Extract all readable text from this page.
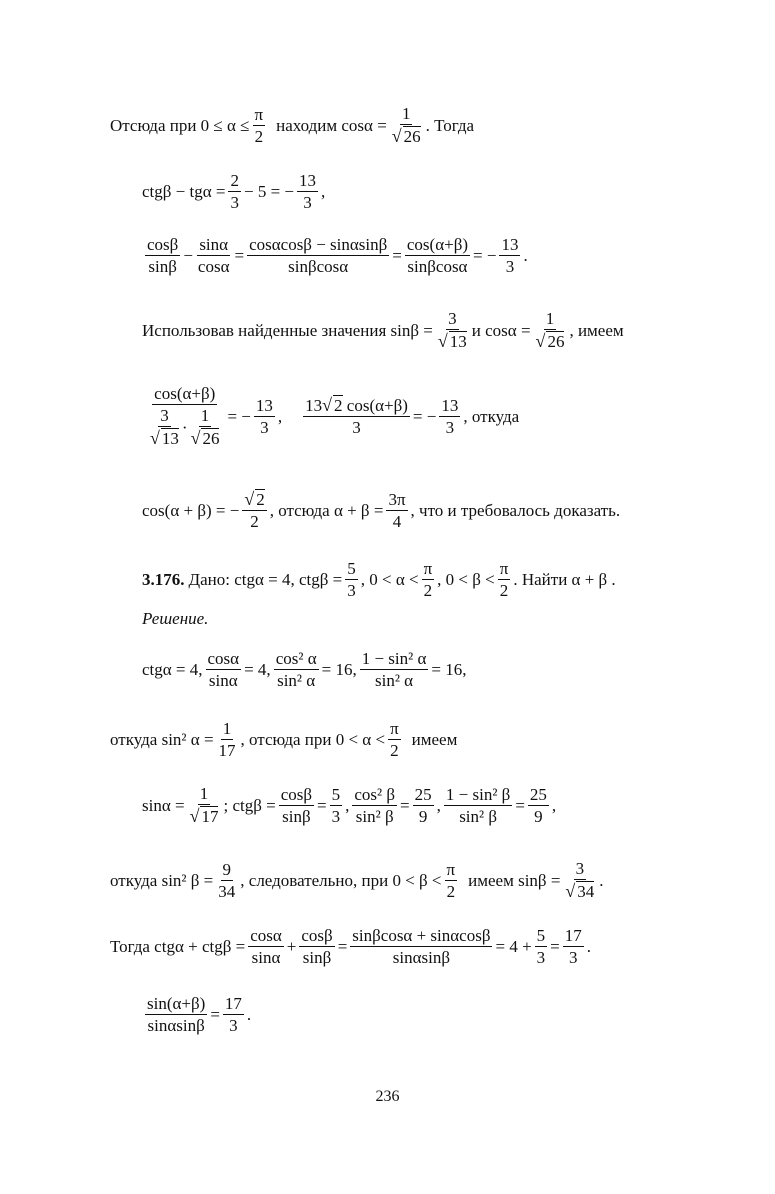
Отсюда при $0 \le \alpha \le \frac{\pi}{2}$ находим $\cos\alpha = \frac{1}{√ 26}$ . Тогда
$ctg\beta - tg\alpha = \frac{2}{3} - 5$ = − $\frac{13}{3}$ ,
$\frac{\cos\beta}{\sin\beta} - \frac{\sin\alpha}{\cos\alpha} = \frac{\cos\alpha\cos\beta - \sin\alpha\sin\beta}{\sin\beta\cos\alpha} = \frac{\cos(\alpha+\beta)}{\sin\beta\cos\alpha}$ = − $\frac{13}{3}$ .
Использовав найденные значения $\sin\beta = \frac{3}{√ 13}$ и $\cos\alpha = \frac{1}{√ 26}$ , имеем
$\frac{\cos(\alpha+\beta)}{\frac{3}{√ 13} \cdot \frac{1}{√ 26}}$ = − $\frac{13}{3}$ , $\frac{13√ 2 \cos(\alpha+\beta)}{3}$ = − $\frac{13}{3}$ , откуда
cos(α + β) = − $\frac{√ 2}{2}$ , отсюда $\alpha + \beta = \frac{3\pi}{4}$ , что и требовалось доказать.
3.176. Дано: ctgα = 4, $ctg\beta = \frac{5}{3}$ , $0 < \alpha < \frac{\pi}{2}$ , $0 < \beta < \frac{\pi}{2}$ . Найти α + β .
Решение.
ctgα = 4, $\frac{\cos\alpha}{\sin\alpha} = 4$, $\frac{\text{cos² α}}{\text{sin² α}} = 16$, $\frac{\text{1 − sin² α}}{\text{sin² α}} = 16$,
откуда sin² $\alpha = \frac{1}{17}$ , отсюда при $0 < \alpha < \frac{\pi}{2}$ имеем
$\sin\alpha = \frac{1}{√ 17}$ ; $ctg\beta = \frac{\cos\beta}{\sin\beta} = \frac{5}{3}$ , $\frac{\text{cos² β}}{\text{sin² β}} = \frac{25}{9}$ , $\frac{\text{1 − sin² β}}{\text{sin² β}} = \frac{25}{9}$ ,
откуда sin² $\beta = \frac{9}{34}$ , следовательно, при $0 < \beta < \frac{\pi}{2}$ имеем $\sin\beta = \frac{3}{√ 34}$ .
Тогда $ctg\alpha + ctg\beta = \frac{\cos\alpha}{\sin\alpha} + \frac{\cos\beta}{\sin\beta} = \frac{\sin\beta\cos\alpha + \sin\alpha\cos\beta}{\sin\alpha\sin\beta} = 4 + \frac{5}{3} = \frac{17}{3}$ .
$\frac{\sin(\alpha+\beta)}{\sin\alpha\sin\beta} = \frac{17}{3}$ .
236
